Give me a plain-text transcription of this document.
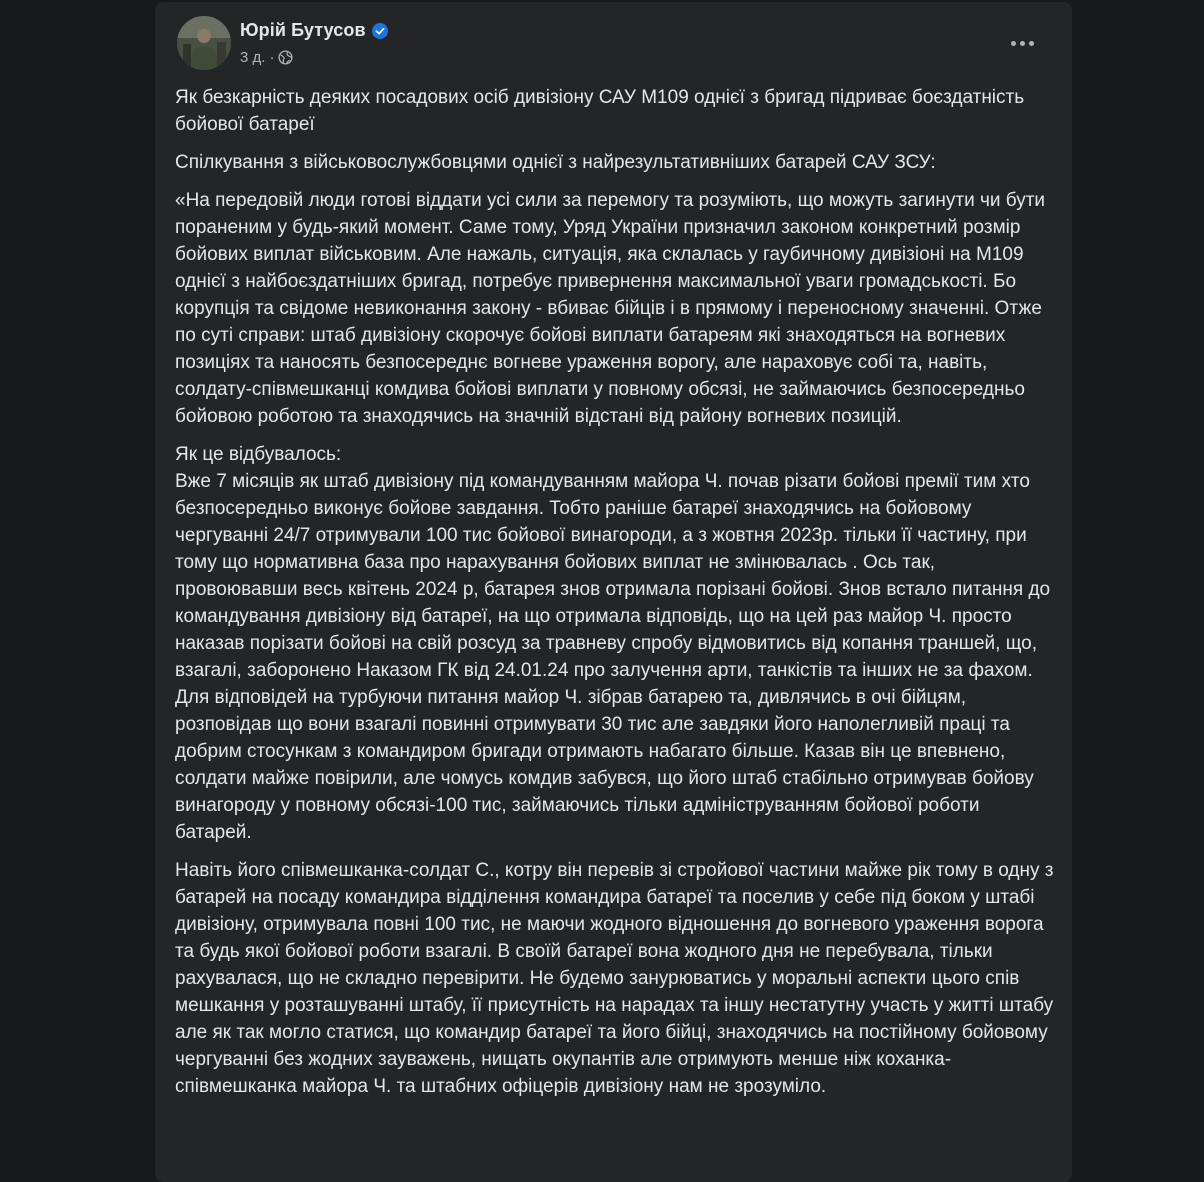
Юрій Бутусов
3 д. ·

Як безкарність деяких посадових осіб дивізіону САУ М109 однієї з бригад підриває боєздатність бойової батареї

Спілкування з військовослужбовцями однієї з найрезультативніших батарей САУ ЗСУ:

«На передовій люди готові віддати усі сили за перемогу та розуміють, що можуть загинути чи бути пораненим у будь-який момент. Саме тому, Уряд України призначил законом конкретний розмір бойових виплат військовим. Але нажаль, ситуація, яка склалась у гаубичному дивізіоні на М109 однієї з найбоєздатніших бригад, потребує привернення максимальної уваги громадськості. Бо корупція та свідоме невиконання закону - вбиває бійців і в прямому і переносному значенні. Отже по суті справи: штаб дивізіону скорочує бойові виплати батареям які знаходяться на вогневих позиціях та наносять безпосереднє вогневе ураження ворогу, але нараховує собі та, навіть, солдату-співмешканці комдива бойові виплати у повному обсязі, не займаючись безпосередньо бойовою роботою та знаходячись на значній відстані від району вогневих позицій.

Як це відбувалось:
Вже 7 місяців як штаб дивізіону під командуванням майора Ч. почав різати бойові премії тим хто безпосередньо виконує бойове завдання. Тобто раніше батареї знаходячись на бойовому чергуванні 24/7 отримували 100 тис бойової винагороди, а з жовтня 2023р. тільки її частину, при тому що нормативна база про нарахування бойових виплат не змінювалась . Ось так, провоювавши весь квітень 2024 р, батарея знов отримала порізані бойові. Знов встало питання до командування дивізіону від батареї, на що отримала відповідь, що на цей раз майор Ч. просто наказав порізати бойові на свій розсуд за травневу спробу відмовитись від копання траншей, що, взагалі, заборонено Наказом ГК від 24.01.24 про залучення арти, танкістів та інших не за фахом. Для відповідей на турбуючи питання майор Ч. зібрав батарею та, дивлячись в очі бійцям, розповідав що вони взагалі повинні отримувати 30 тис але завдяки його наполегливій праці та добрим стосункам з командиром бригади отримають набагато більше. Казав він це впевнено, солдати майже повірили, але чомусь комдив забувся, що його штаб стабільно отримував бойову винагороду у повному обсязі-100 тис, займаючись тільки адмініструванням бойової роботи батарей.

Навіть його співмешканка-солдат С., котру він перевів зі стройової частини майже рік тому в одну з батарей на посаду командира відділення командира батареї та поселив у себе під боком у штабі дивізіону, отримувала повні 100 тис, не маючи жодного відношення до вогневого ураження ворога та будь якої бойової роботи взагалі. В своїй батареї вона жодного дня не перебувала, тільки рахувалася, що не складно перевірити. Не будемо занурюватись у моральні аспекти цього спів мешкання у розташуванні штабу, її присутність на нарадах та іншу нестатутну участь у житті штабу але як так могло статися, що командир батареї та його бійці, знаходячись на постійному бойовому чергуванні без жодних зауважень, нищать окупантів але отримують менше ніж коханка-співмешканка майора Ч. та штабних офіцерів дивізіону нам не зрозуміло.
